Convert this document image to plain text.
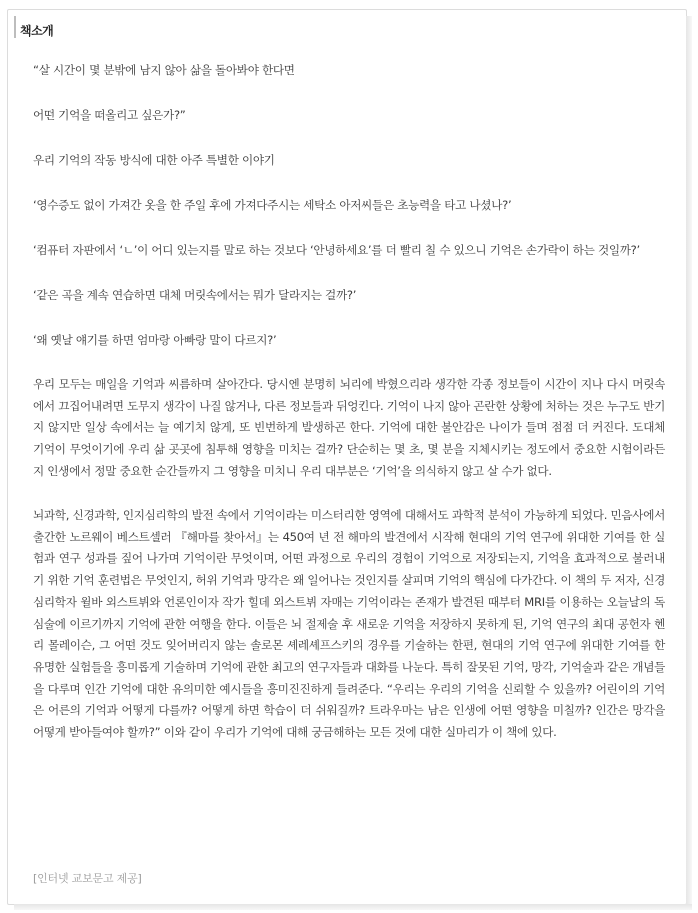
책소개

“살 시간이 몇 분밖에 남지 않아 삶을 돌아봐야 한다면

어떤 기억을 떠올리고 싶은가?”

우리 기억의 작동 방식에 대한 아주 특별한 이야기

‘영수증도 없이 가져간 옷을 한 주일 후에 가져다주시는 세탁소 아저씨들은 초능력을 타고 나셨나?’

‘컴퓨터 자판에서 ‘ㄴ’이 어디 있는지를 말로 하는 것보다 ‘안녕하세요’를 더 빨리 칠 수 있으니 기억은 손가락이 하는 것일까?’

‘같은 곡을 계속 연습하면 대체 머릿속에서는 뭐가 달라지는 걸까?’

‘왜 옛날 얘기를 하면 엄마랑 아빠랑 말이 다르지?’

우리 모두는 매일을 기억과 씨름하며 살아간다. 당시엔 분명히 뇌리에 박혔으리라 생각한 각종 정보들이 시간이 지나 다시 머릿속에서 끄집어내려면 도무지 생각이 나질 않거나, 다른 정보들과 뒤엉킨다. 기억이 나지 않아 곤란한 상황에 처하는 것은 누구도 반기지 않지만 일상 속에서는 늘 예기치 않게, 또 빈번하게 발생하곤 한다. 기억에 대한 불안감은 나이가 들며 점점 더 커진다. 도대체 기억이 무엇이기에 우리 삶 곳곳에 침투해 영향을 미치는 걸까? 단순히는 몇 초, 몇 분을 지체시키는 정도에서 중요한 시험이라든지 인생에서 정말 중요한 순간들까지 그 영향을 미치니 우리 대부분은 ‘기억’을 의식하지 않고 살 수가 없다.

뇌과학, 신경과학, 인지심리학의 발전 속에서 기억이라는 미스터리한 영역에 대해서도 과학적 분석이 가능하게 되었다. 민음사에서 출간한 노르웨이 베스트셀러 『해마를 찾아서』는 450여 년 전 해마의 발견에서 시작해 현대의 기억 연구에 위대한 기여를 한 실험과 연구 성과를 짚어 나가며 기억이란 무엇이며, 어떤 과정으로 우리의 경험이 기억으로 저장되는지, 기억을 효과적으로 불러내기 위한 기억 훈련법은 무엇인지, 허위 기억과 망각은 왜 일어나는 것인지를 살피며 기억의 핵심에 다가간다. 이 책의 두 저자, 신경심리학자 윌바 외스트뷔와 언론인이자 작가 힐데 외스트뷔 자매는 기억이라는 존재가 발견된 때부터 MRI를 이용하는 오늘날의 독심술에 이르기까지 기억에 관한 여행을 한다. 이들은 뇌 절제술 후 새로운 기억을 저장하지 못하게 된, 기억 연구의 최대 공헌자 헨리 몰레이슨, 그 어떤 것도 잊어버리지 않는 솔로몬 셰레셰프스키의 경우를 기술하는 한편, 현대의 기억 연구에 위대한 기여를 한 유명한 실험들을 흥미롭게 기술하며 기억에 관한 최고의 연구자들과 대화를 나눈다. 특히 잘못된 기억, 망각, 기억술과 같은 개념들을 다루며 인간 기억에 대한 유의미한 예시들을 흥미진진하게 들려준다. “우리는 우리의 기억을 신뢰할 수 있을까? 어린이의 기억은 어른의 기억과 어떻게 다를까? 어떻게 하면 학습이 더 쉬워질까? 트라우마는 남은 인생에 어떤 영향을 미칠까? 인간은 망각을 어떻게 받아들여야 할까?” 이와 같이 우리가 기억에 대해 궁금해하는 모든 것에 대한 실마리가 이 책에 있다.

[인터넷 교보문고 제공]
